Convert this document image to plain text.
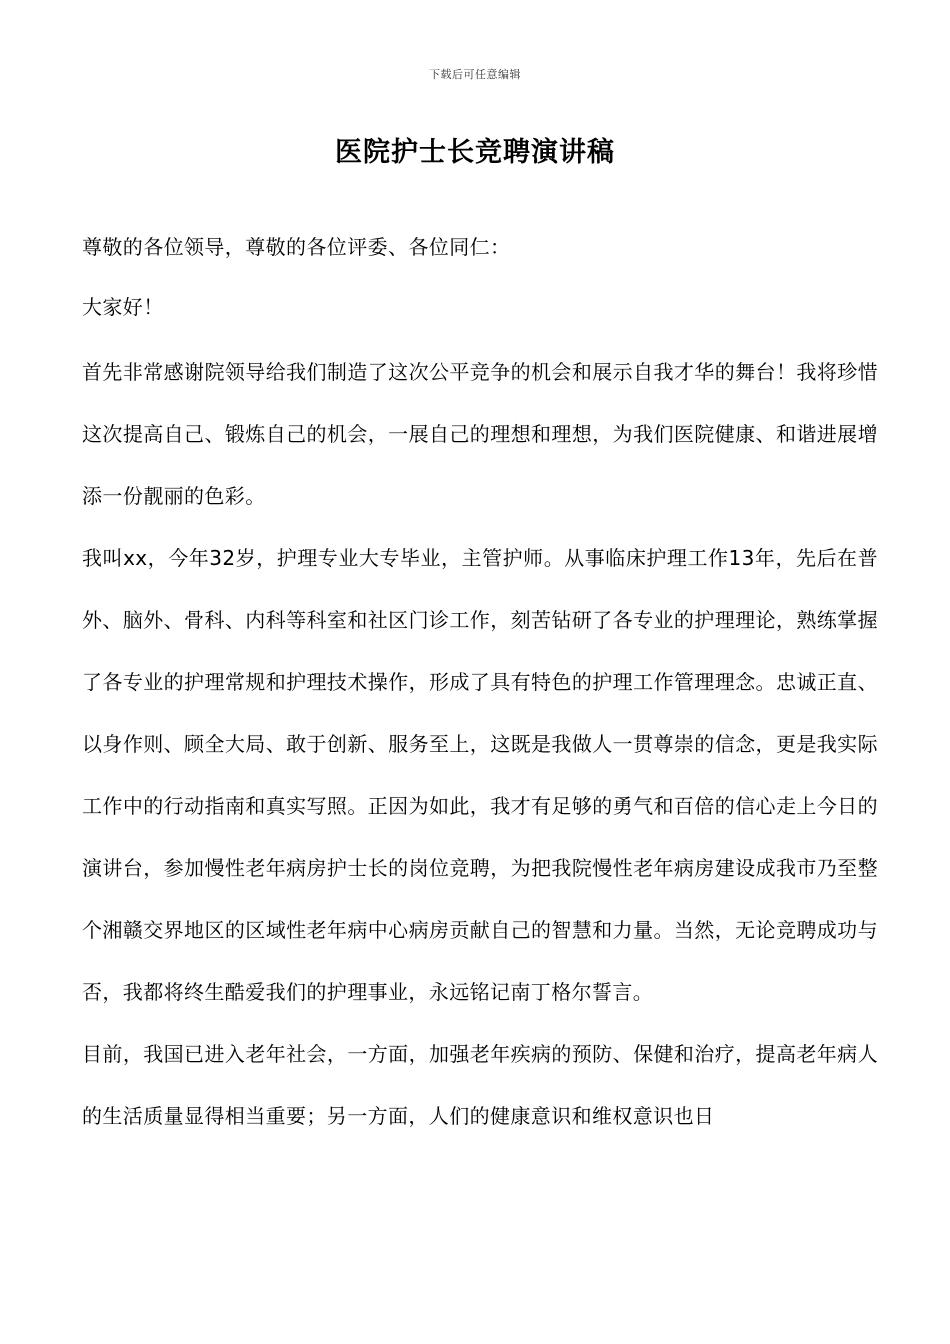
下载后可任意编辑
医院护士长竞聘演讲稿

尊敬的各位领导，尊敬的各位评委、各位同仁：

大家好！

首先非常感谢院领导给我们制造了这次公平竞争的机会和展示自我才华的舞台！我将珍惜这次提高自己、锻炼自己的机会，一展自己的理想和理想，为我们医院健康、和谐进展增添一份靓丽的色彩。

我叫xx，今年32岁，护理专业大专毕业，主管护师。从事临床护理工作13年，先后在普外、脑外、骨科、内科等科室和社区门诊工作，刻苦钻研了各专业的护理理论，熟练掌握了各专业的护理常规和护理技术操作，形成了具有特色的护理工作管理理念。忠诚正直、以身作则、顾全大局、敢于创新、服务至上，这既是我做人一贯尊崇的信念，更是我实际工作中的行动指南和真实写照。正因为如此，我才有足够的勇气和百倍的信心走上今日的演讲台，参加慢性老年病房护士长的岗位竞聘，为把我院慢性老年病房建设成我市乃至整个湘赣交界地区的区域性老年病中心病房贡献自己的智慧和力量。当然，无论竞聘成功与否，我都将终生酷爱我们的护理事业，永远铭记南丁格尔誓言。

目前，我国已进入老年社会，一方面，加强老年疾病的预防、保健和治疗，提高老年病人的生活质量显得相当重要；另一方面，人们的健康意识和维权意识也日
